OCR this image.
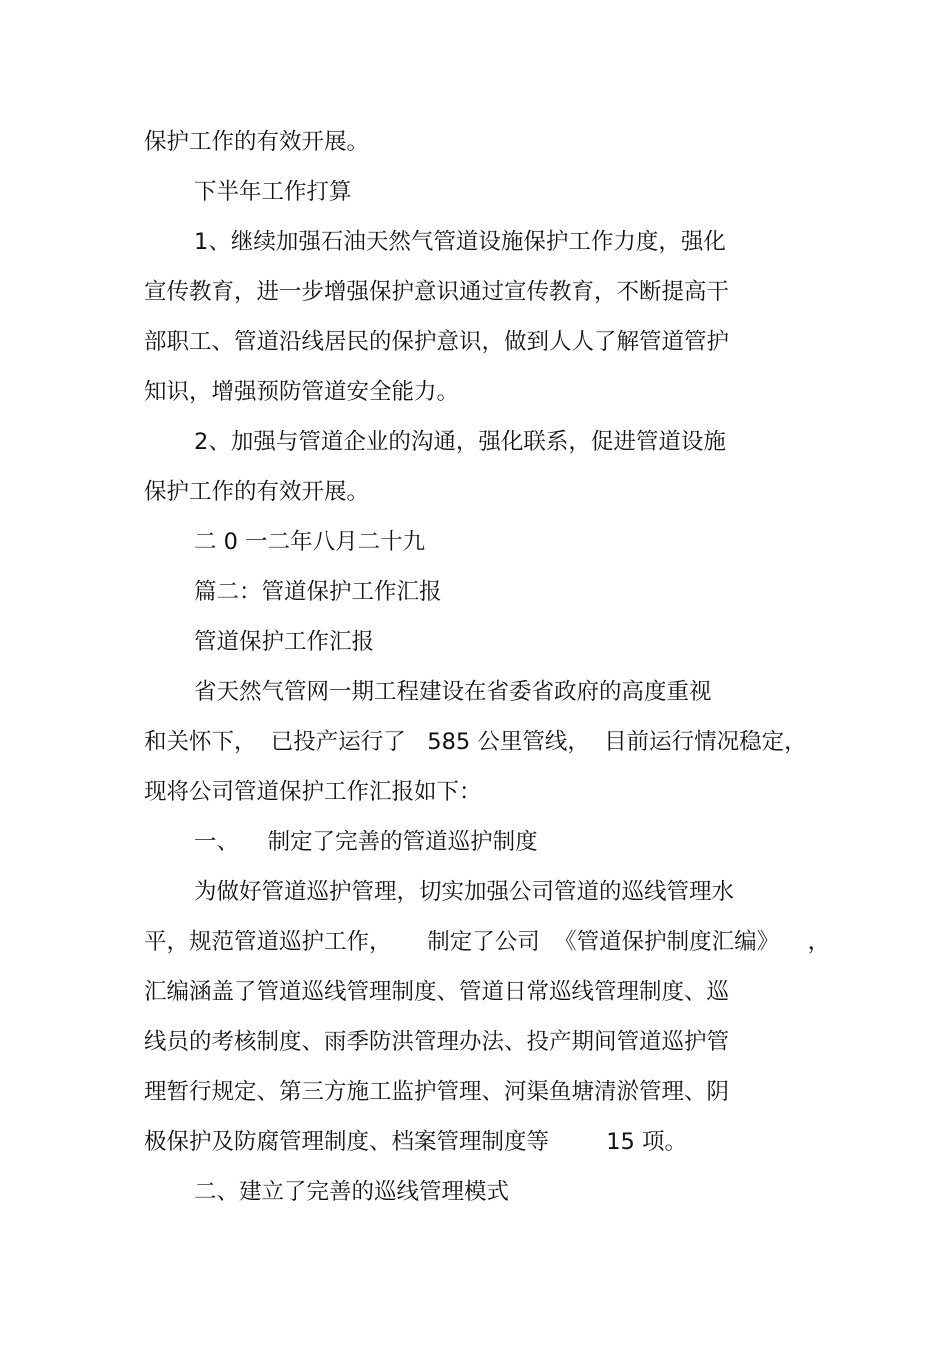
保护工作的有效开展。
下半年工作打算
1、继续加强石油天然气管道设施保护工作力度，强化
宣传教育，进一步增强保护意识通过宣传教育，不断提高干
部职工、管道沿线居民的保护意识，做到人人了解管道管护
知识，增强预防管道安全能力。
2、加强与管道企业的沟通，强化联系，促进管道设施
保护工作的有效开展。
二 0 一二年八月二十九
篇二：管道保护工作汇报
管道保护工作汇报
省天然气管网一期工程建设在省委省政府的高度重视
和关怀下，  已投产运行了   585 公里管线，  目前运行情况稳定，
现将公司管道保护工作汇报如下：
一、    制定了完善的管道巡护制度
为做好管道巡护管理，切实加强公司管道的巡线管理水
平，规范管道巡护工作，     制定了公司  《管道保护制度汇编》    ，
汇编涵盖了管道巡线管理制度、管道日常巡线管理制度、巡
线员的考核制度、雨季防洪管理办法、投产期间管道巡护管
理暂行规定、第三方施工监护管理、河渠鱼塘清淤管理、阴
极保护及防腐管理制度、档案管理制度等        15 项。
二、建立了完善的巡线管理模式
